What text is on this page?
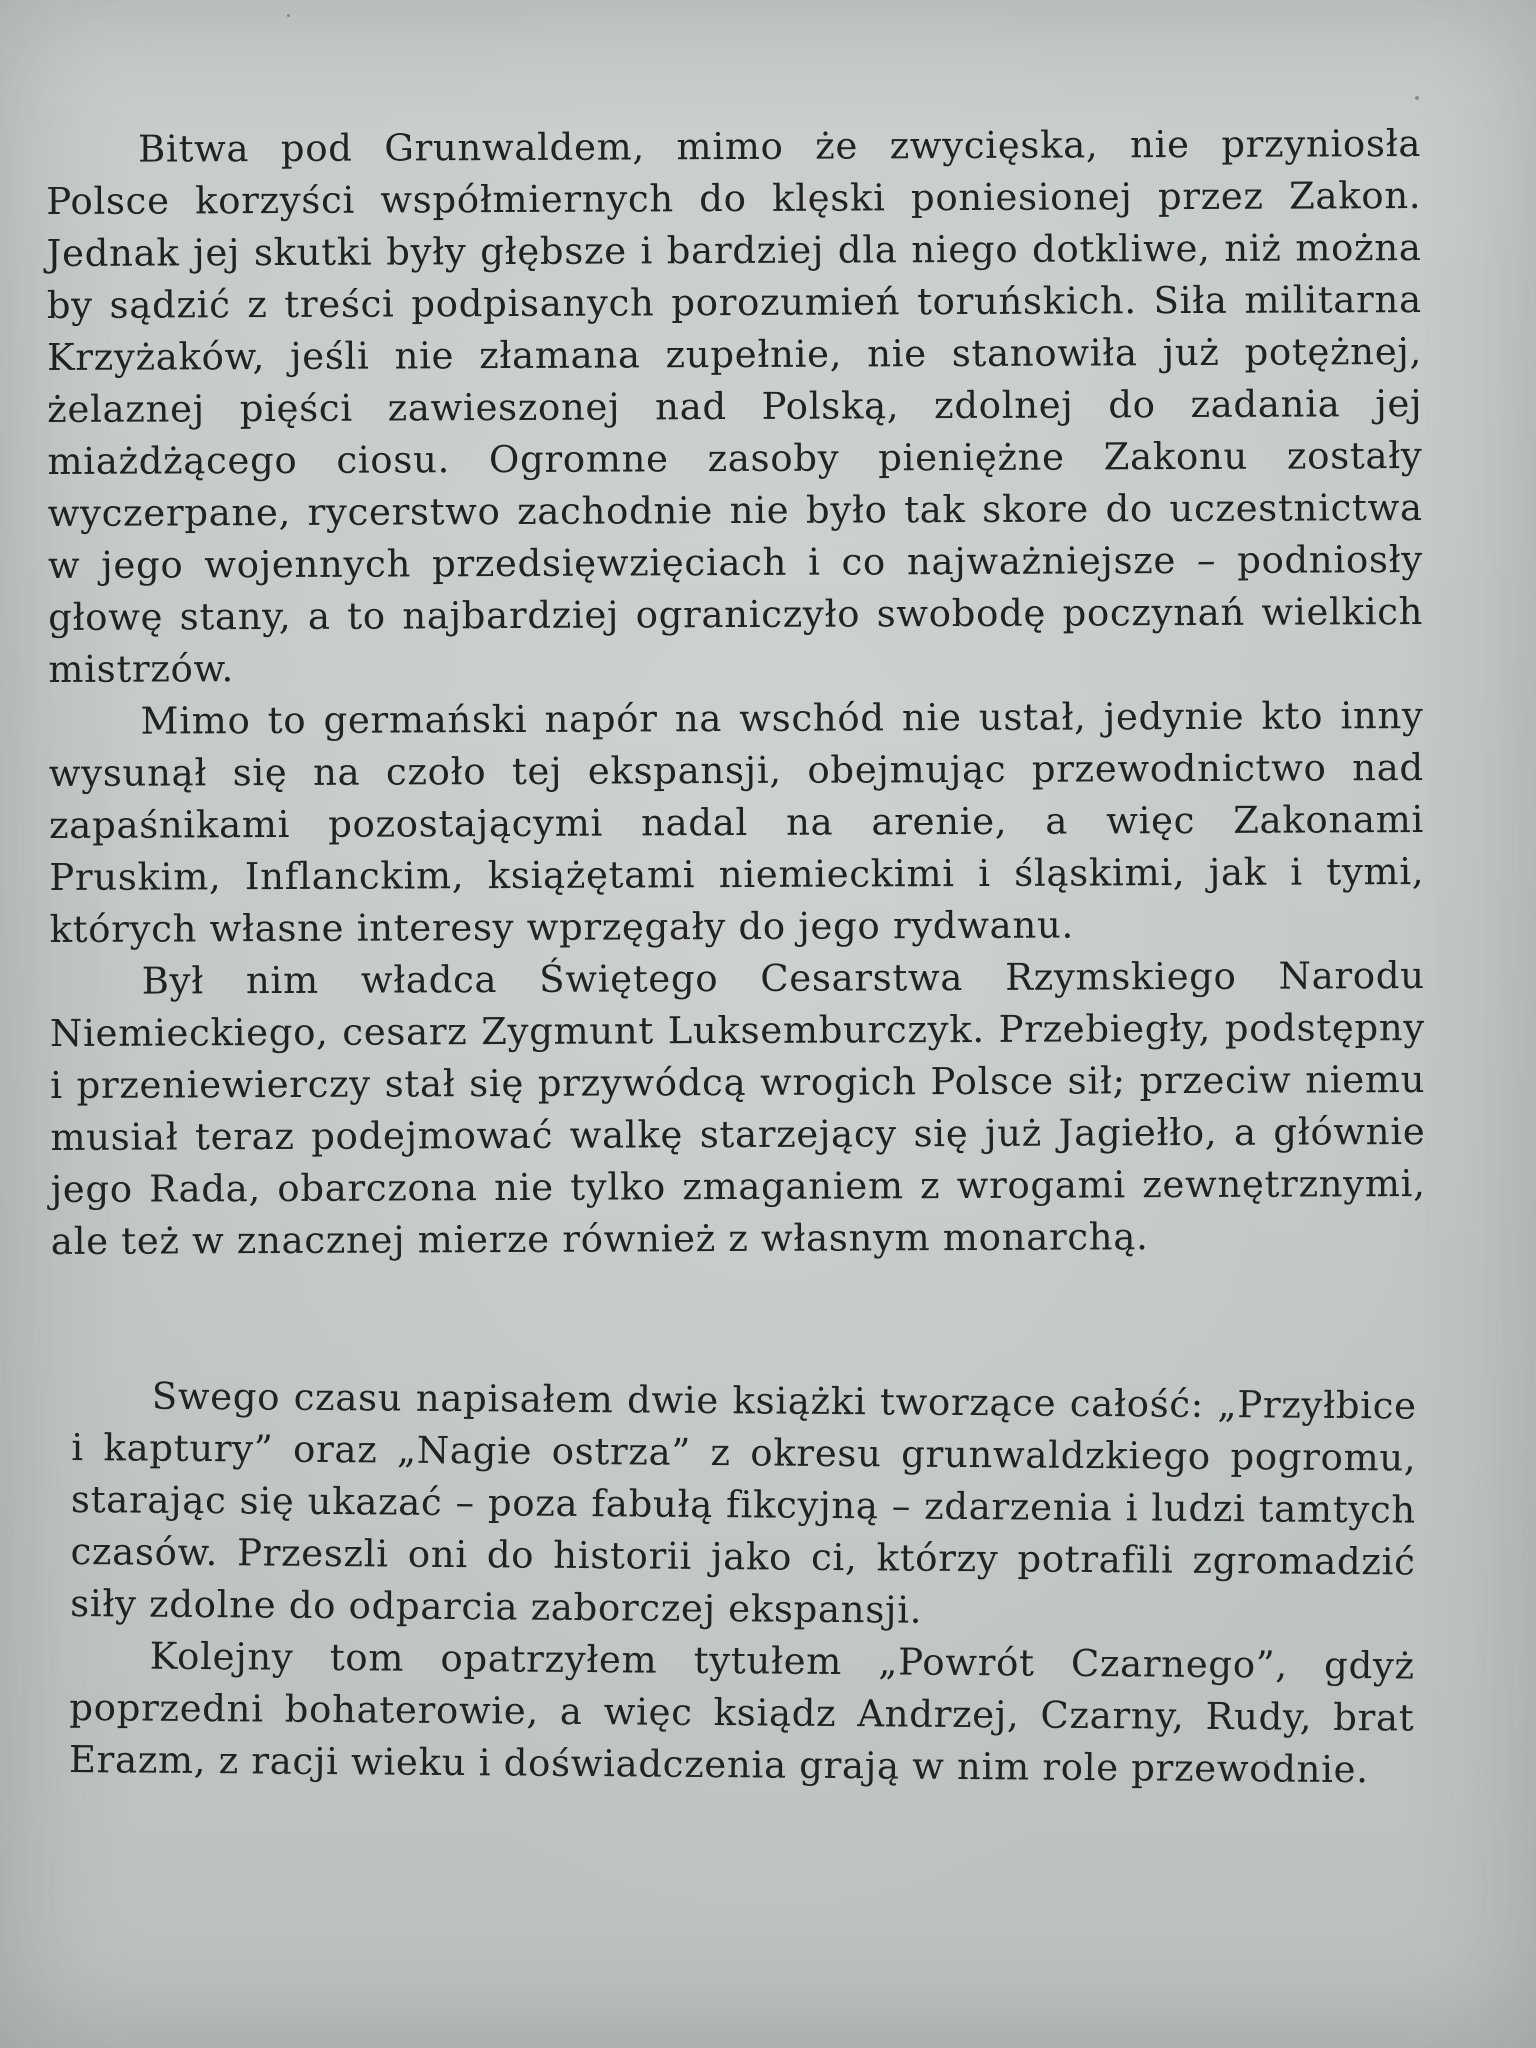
Bitwa pod Grunwaldem, mimo że zwycięska, nie przyniosła Polsce korzyści współmiernych do klęski poniesionej przez Zakon. Jednak jej skutki były głębsze i bardziej dla niego dotkliwe, niż można by sądzić z treści podpisanych porozumień toruńskich. Siła militarna Krzyżaków, jeśli nie złamana zupełnie, nie stanowiła już potężnej, żelaznej pięści zawieszonej nad Polską, zdolnej do zadania jej miażdżącego ciosu. Ogromne zasoby pieniężne Zakonu zostały wyczerpane, rycerstwo zachodnie nie było tak skore do uczestnictwa w jego wojennych przedsięwzięciach i co najważniejsze – podniosły głowę stany, a to najbardziej ograniczyło swobodę poczynań wielkich mistrzów.

Mimo to germański napór na wschód nie ustał, jedynie kto inny wysunął się na czoło tej ekspansji, obejmując przewodnictwo nad zapaśnikami pozostającymi nadal na arenie, a więc Zakonami Pruskim, Inflanckim, książętami niemieckimi i śląskimi, jak i tymi, których własne interesy wprzęgały do jego rydwanu.

Był nim władca Świętego Cesarstwa Rzymskiego Narodu Niemieckiego, cesarz Zygmunt Luksemburczyk. Przebiegły, podstępny i przeniewierczy stał się przywódcą wrogich Polsce sił; przeciw niemu musiał teraz podejmować walkę starzejący się już Jagiełło, a głównie jego Rada, obarczona nie tylko zmaganiem z wrogami zewnętrznymi, ale też w znacznej mierze również z własnym monarchą.

Swego czasu napisałem dwie książki tworzące całość: „Przyłbice i kaptury” oraz „Nagie ostrza” z okresu grunwaldzkiego pogromu, starając się ukazać – poza fabułą fikcyjną – zdarzenia i ludzi tamtych czasów. Przeszli oni do historii jako ci, którzy potrafili zgromadzić siły zdolne do odparcia zaborczej ekspansji.

Kolejny tom opatrzyłem tytułem „Powrót Czarnego”, gdyż poprzedni bohaterowie, a więc ksiądz Andrzej, Czarny, Rudy, brat Erazm, z racji wieku i doświadczenia grają w nim role przewodnie.
